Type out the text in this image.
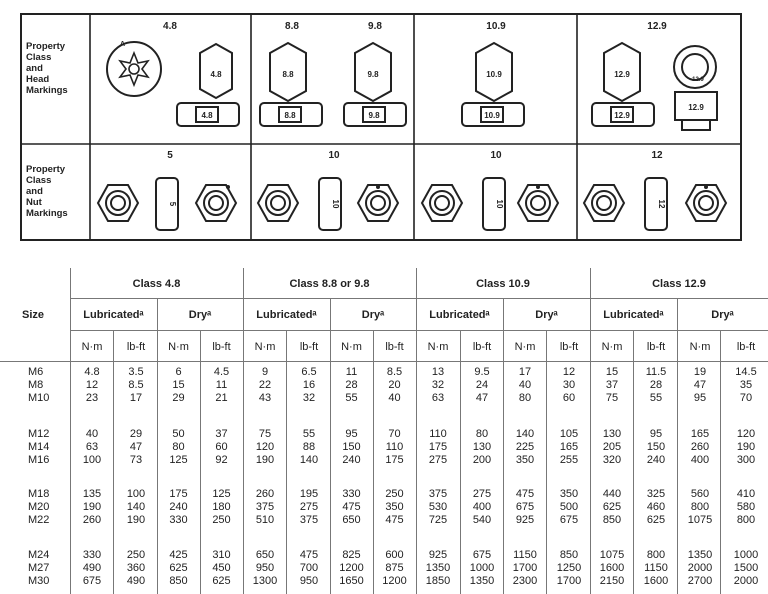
Property
Class
and
Head
Markings
Property
Class
and
Nut
Markings
4.8	8.8	9.8	10.9	12.9
A
4.8
4.8
8.8
8.8
9.8
9.8
10.9
10.9
12.9
12.9
12.9
12.9
5	10	10	12
5	10	10	12
Size
Class 4.8	Class 8.8 or 9.8	Class 10.9	Class 12.9
Lubricatedᵃ	Dryᵃ	Lubricatedᵃ	Dryᵃ	Lubricatedᵃ	Dryᵃ	Lubricatedᵃ	Dryᵃ
N·m	lb-ft	N·m	lb-ft	N·m	lb-ft	N·m	lb-ft	N·m	lb-ft	N·m	lb-ft	N·m	lb-ft	N·m	lb-ft
M6	4.8	3.5	6	4.5	9	6.5	11	8.5	13	9.5	17	12	15	11.5	19	14.5
M8	12	8.5	15	11	22	16	28	20	32	24	40	30	37	28	47	35
M10	23	17	29	21	43	32	55	40	63	47	80	60	75	55	95	70
M12	40	29	50	37	75	55	95	70	110	80	140	105	130	95	165	120
M14	63	47	80	60	120	88	150	110	175	130	225	165	205	150	260	190
M16	100	73	125	92	190	140	240	175	275	200	350	255	320	240	400	300
M18	135	100	175	125	260	195	330	250	375	275	475	350	440	325	560	410
M20	190	140	240	180	375	275	475	350	530	400	675	500	625	460	800	580
M22	260	190	330	250	510	375	650	475	725	540	925	675	850	625	1075	800
M24	330	250	425	310	650	475	825	600	925	675	1150	850	1075	800	1350	1000
M27	490	360	625	450	950	700	1200	875	1350	1000	1700	1250	1600	1150	2000	1500
M30	675	490	850	625	1300	950	1650	1200	1850	1350	2300	1700	2150	1600	2700	2000
